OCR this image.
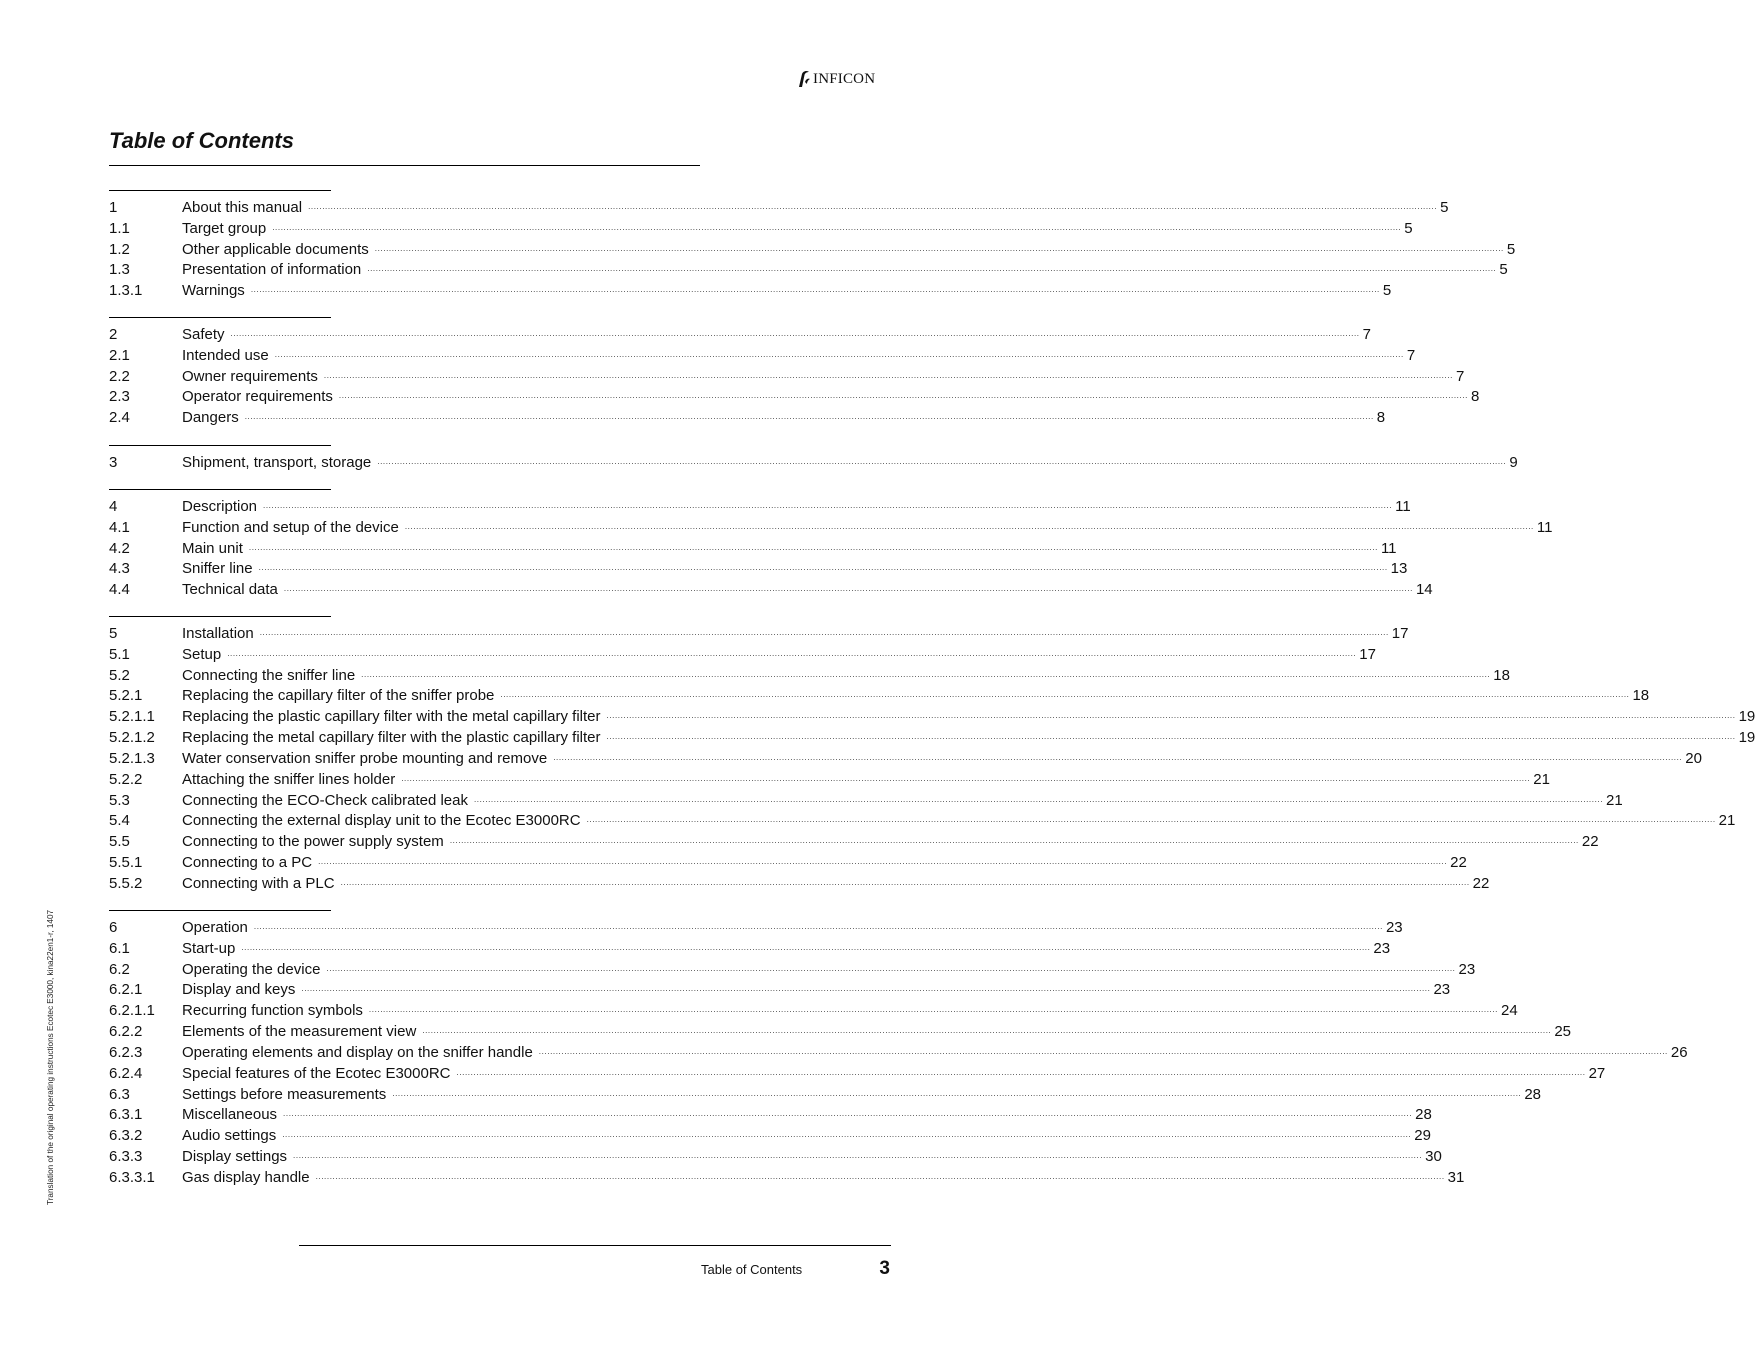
INFICON
Table of Contents
1	About this manual ................................................................................................................................................................................................................................................................................................................................................................................................................ 5
1.1	Target group ................................................................................................................................................................................................................................................................................................................................................................................................................ 5
1.2	Other applicable documents ................................................................................................................................................................................................................................................................................................................................................................................................................ 5
1.3	Presentation of information ................................................................................................................................................................................................................................................................................................................................................................................................................ 5
1.3.1	Warnings ................................................................................................................................................................................................................................................................................................................................................................................................................ 5
2	Safety ................................................................................................................................................................................................................................................................................................................................................................................................................ 7
2.1	Intended use ................................................................................................................................................................................................................................................................................................................................................................................................................ 7
2.2	Owner requirements ................................................................................................................................................................................................................................................................................................................................................................................................................ 7
2.3	Operator requirements ................................................................................................................................................................................................................................................................................................................................................................................................................ 8
2.4	Dangers ................................................................................................................................................................................................................................................................................................................................................................................................................ 8
3	Shipment, transport, storage ................................................................................................................................................................................................................................................................................................................................................................................................................ 9
4	Description ................................................................................................................................................................................................................................................................................................................................................................................................................ 11
4.1	Function and setup of the device ................................................................................................................................................................................................................................................................................................................................................................................................................ 11
4.2	Main unit ................................................................................................................................................................................................................................................................................................................................................................................................................ 11
4.3	Sniffer line ................................................................................................................................................................................................................................................................................................................................................................................................................ 13
4.4	Technical data ................................................................................................................................................................................................................................................................................................................................................................................................................ 14
5	Installation ................................................................................................................................................................................................................................................................................................................................................................................................................ 17
5.1	Setup ................................................................................................................................................................................................................................................................................................................................................................................................................ 17
5.2	Connecting the sniffer line ................................................................................................................................................................................................................................................................................................................................................................................................................ 18
5.2.1	Replacing the capillary filter of the sniffer probe ................................................................................................................................................................................................................................................................................................................................................................................................................ 18
5.2.1.1	Replacing the plastic capillary filter with the metal capillary filter ................................................................................................................................................................................................................................................................................................................................................................................................................ 19
5.2.1.2	Replacing the metal capillary filter with the plastic capillary filter ................................................................................................................................................................................................................................................................................................................................................................................................................ 19
5.2.1.3	Water conservation sniffer probe mounting and remove ................................................................................................................................................................................................................................................................................................................................................................................................................ 20
5.2.2	Attaching the sniffer lines holder ................................................................................................................................................................................................................................................................................................................................................................................................................ 21
5.3	Connecting the ECO-Check calibrated leak ................................................................................................................................................................................................................................................................................................................................................................................................................ 21
5.4	Connecting the external display unit to the Ecotec E3000RC ................................................................................................................................................................................................................................................................................................................................................................................................................ 21
5.5	Connecting to the power supply system ................................................................................................................................................................................................................................................................................................................................................................................................................ 22
5.5.1	Connecting to a PC ................................................................................................................................................................................................................................................................................................................................................................................................................ 22
5.5.2	Connecting with a PLC ................................................................................................................................................................................................................................................................................................................................................................................................................ 22
6	Operation ................................................................................................................................................................................................................................................................................................................................................................................................................ 23
6.1	Start-up ................................................................................................................................................................................................................................................................................................................................................................................................................ 23
6.2	Operating the device ................................................................................................................................................................................................................................................................................................................................................................................................................ 23
6.2.1	Display and keys ................................................................................................................................................................................................................................................................................................................................................................................................................ 23
6.2.1.1	Recurring function symbols ................................................................................................................................................................................................................................................................................................................................................................................................................ 24
6.2.2	Elements of the measurement view ................................................................................................................................................................................................................................................................................................................................................................................................................ 25
6.2.3	Operating elements and display on the sniffer handle ................................................................................................................................................................................................................................................................................................................................................................................................................ 26
6.2.4	Special features of the Ecotec E3000RC ................................................................................................................................................................................................................................................................................................................................................................................................................ 27
6.3	Settings before measurements ................................................................................................................................................................................................................................................................................................................................................................................................................ 28
6.3.1	Miscellaneous ................................................................................................................................................................................................................................................................................................................................................................................................................ 28
6.3.2	Audio settings ................................................................................................................................................................................................................................................................................................................................................................................................................ 29
6.3.3	Display settings ................................................................................................................................................................................................................................................................................................................................................................................................................ 30
6.3.3.1	Gas display handle ................................................................................................................................................................................................................................................................................................................................................................................................................ 31
Translation of the original operating instructions Ecotec E3000, kina22en1-r, 1407
Table of Contents	3
